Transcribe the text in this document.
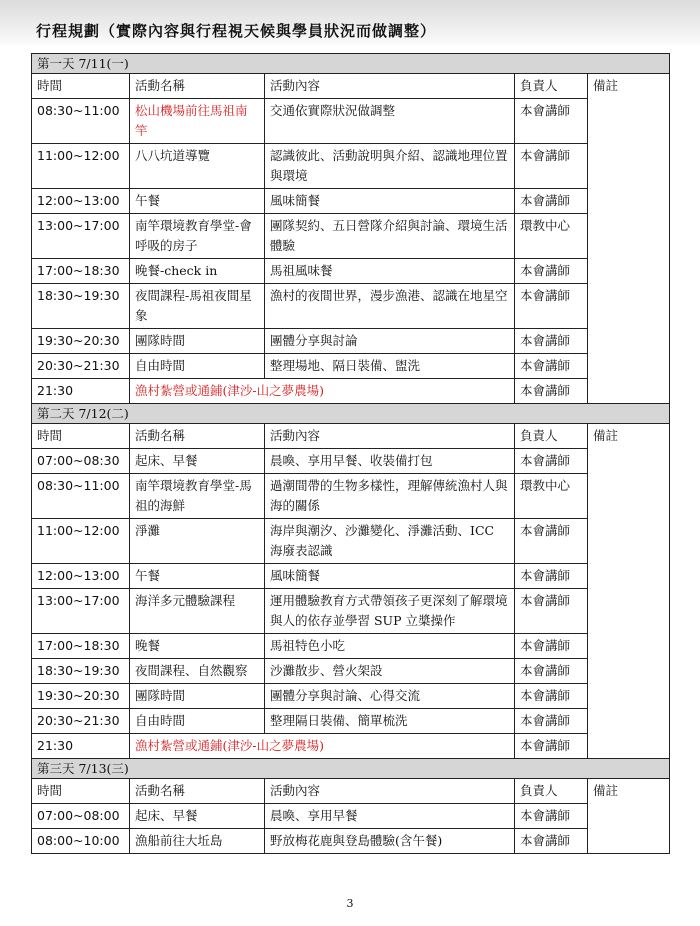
行程規劃（實際內容與行程視天候與學員狀況而做調整）
第一天 7/11(一)				
時間	活動名稱	活動內容	負責人	備註
08:30~11:00	松山機場前往馬祖南竿	交通依實際狀況做調整	本會講師	
11:00~12:00	八八坑道導覽	認識彼此、活動說明與介紹、認識地理位置與環境	本會講師	
12:00~13:00	午餐	風味簡餐	本會講師	
13:00~17:00	南竿環境教育學堂-會呼吸的房子	團隊契約、五日營隊介紹與討論、環境生活體驗	環教中心	
17:00~18:30	晚餐-check in	馬祖風味餐	本會講師	
18:30~19:30	夜間課程-馬祖夜間星象	漁村的夜間世界，漫步漁港、認識在地星空	本會講師	
19:30~20:30	團隊時間	團體分享與討論	本會講師	
20:30~21:30	自由時間	整理場地、隔日裝備、盥洗	本會講師	
21:30	漁村紮營或通鋪(津沙-山之夢農場)		本會講師	
第二天 7/12(二)				
時間	活動名稱	活動內容	負責人	備註
07:00~08:30	起床、早餐	晨喚、享用早餐、收裝備打包	本會講師	
08:30~11:00	南竿環境教育學堂-馬祖的海鮮	過潮間帶的生物多樣性，理解傳統漁村人與海的關係	環教中心	
11:00~12:00	淨灘	海岸與潮汐、沙灘變化、淨灘活動、ICC 海廢表認識	本會講師	
12:00~13:00	午餐	風味簡餐	本會講師	
13:00~17:00	海洋多元體驗課程	運用體驗教育方式帶領孩子更深刻了解環境與人的依存並學習 SUP 立槳操作	本會講師	
17:00~18:30	晚餐	馬祖特色小吃	本會講師	
18:30~19:30	夜間課程、自然觀察	沙灘散步、營火架設	本會講師	
19:30~20:30	團隊時間	團體分享與討論、心得交流	本會講師	
20:30~21:30	自由時間	整理隔日裝備、簡單梳洗	本會講師	
21:30	漁村紮營或通鋪(津沙-山之夢農場)		本會講師	
第三天 7/13(三)				
時間	活動名稱	活動內容	負責人	備註
07:00~08:00	起床、早餐	晨喚、享用早餐	本會講師	
08:00~10:00	漁船前往大坵島	野放梅花鹿與登島體驗(含午餐)	本會講師	
3
